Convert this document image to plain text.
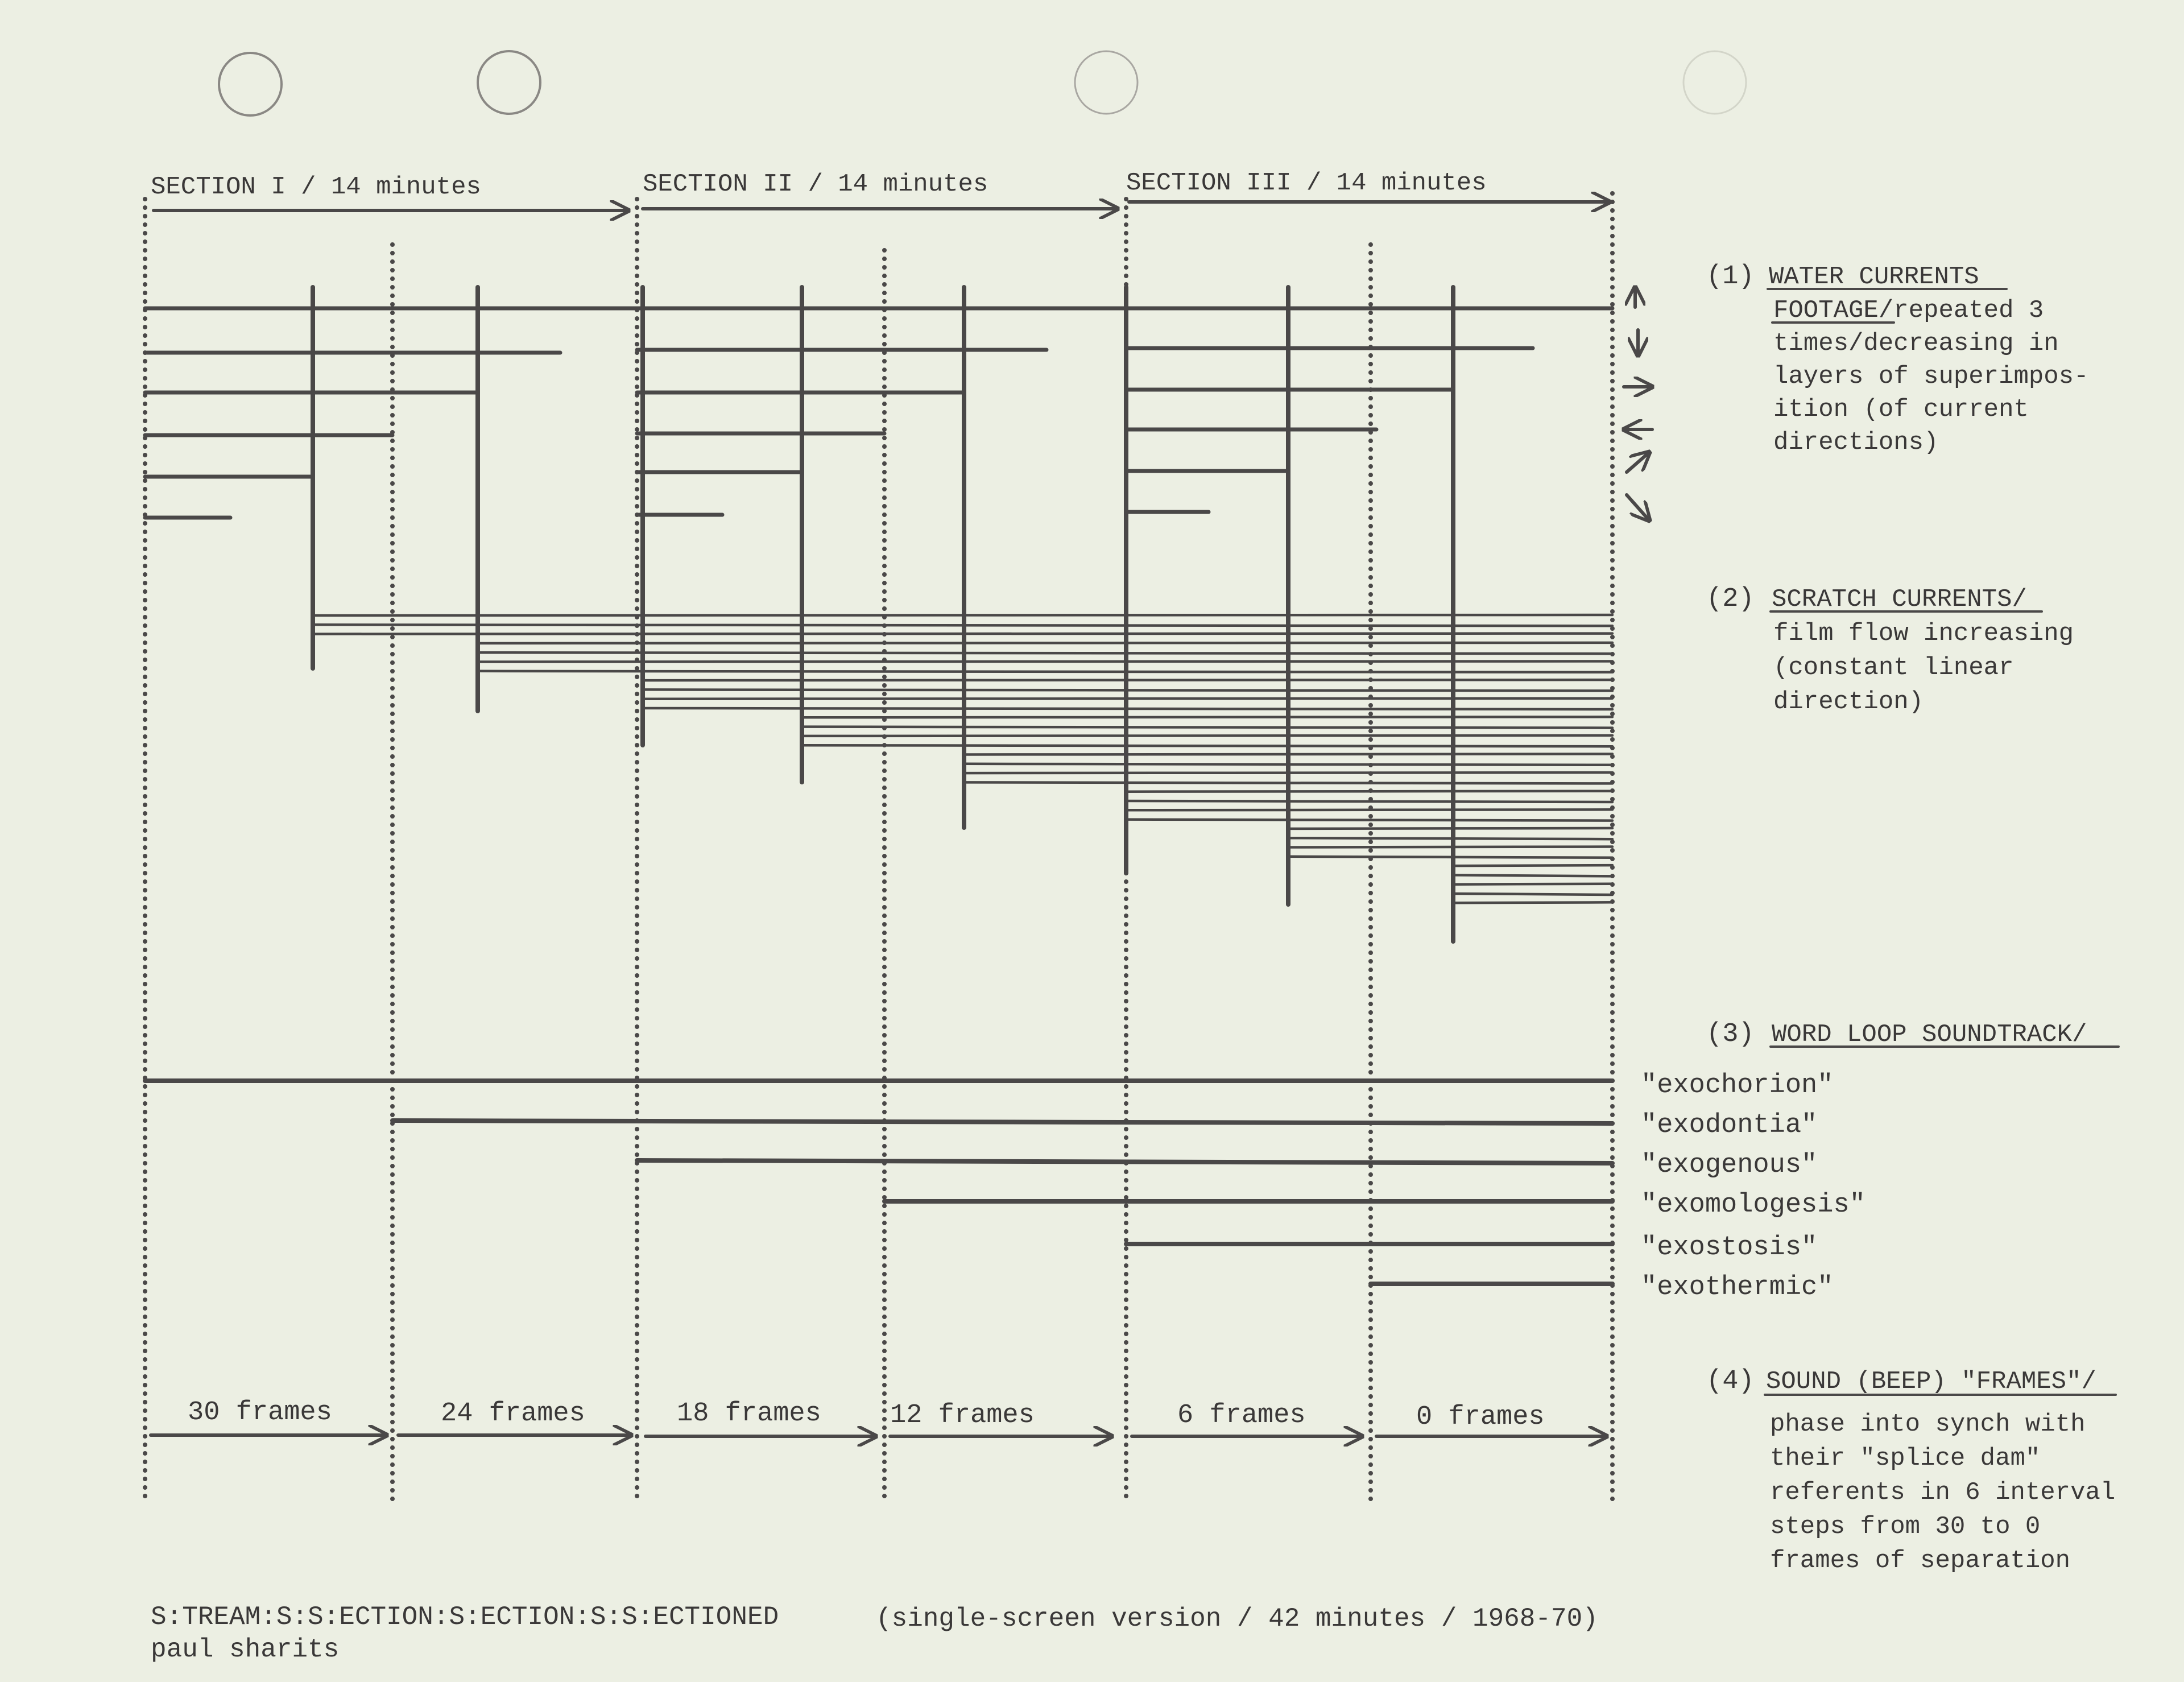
SECTION I / 14 minutes	SECTION II / 14 minutes	SECTION III / 14 minutes
"exochorion"
"exodontia"
"exogenous"
"exomologesis"
"exostosis"
"exothermic"
30 frames	24 frames	18 frames	12 frames	6 frames	0 frames
(1) WATER CURRENTS
FOOTAGE/repeated 3
times/decreasing in
layers of superimpos-
ition (of current
directions)
(2) SCRATCH CURRENTS/
film flow increasing
(constant linear
direction)
(3) WORD LOOP SOUNDTRACK/
(4) SOUND (BEEP) "FRAMES"/
phase into synch with
their "splice dam"
referents in 6 interval
steps from 30 to 0
frames of separation
S:TREAM:S:S:ECTION:S:ECTION:S:S:ECTIONED	(single-screen version / 42 minutes / 1968-70)
paul sharits
